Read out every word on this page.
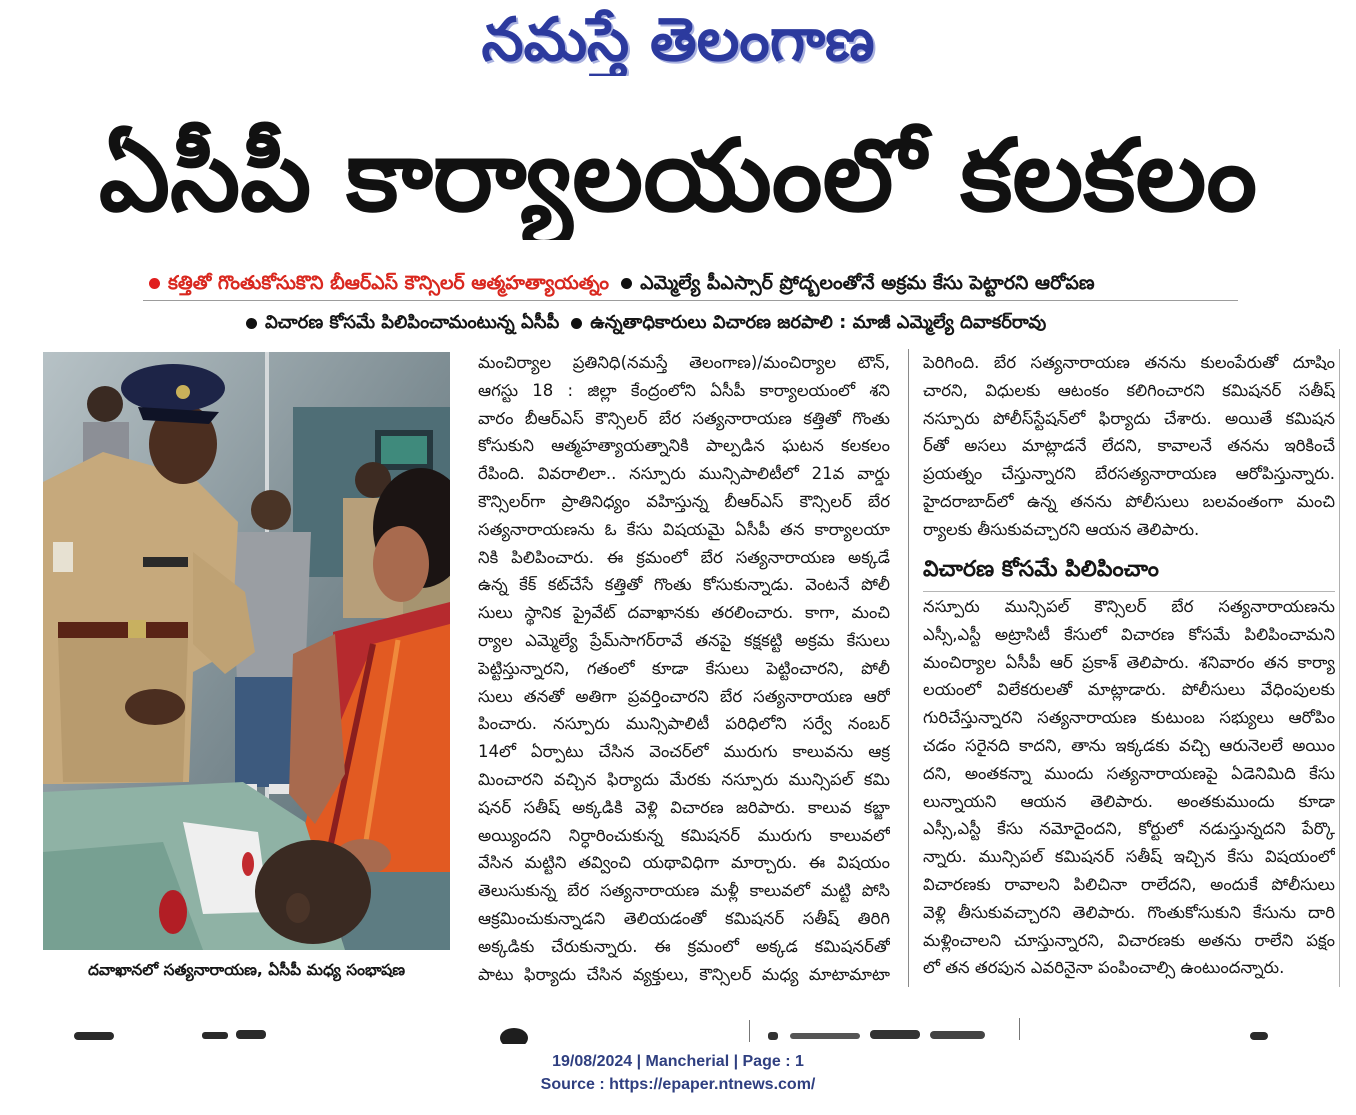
నమస్తే తెలంగాణ
ఏసీపీ కార్యాలయంలో కలకలం
కత్తితో గొంతుకోసుకొని బీఆర్ఎస్ కౌన్సిలర్ ఆత్మహత్యాయత్నం ఎమ్మెల్యే పీఎస్సార్ ప్రోద్బలంతోనే అక్రమ కేసు పెట్టారని ఆరోపణ
విచారణ కోసమే పిలిపించామంటున్న ఏసీపీ ఉన్నతాధికారులు విచారణ జరపాలి : మాజీ ఎమ్మెల్యే దివాకర్‌రావు
దవాఖానలో సత్యనారాయణ, ఏసీపీ మధ్య సంభాషణ
మంచిర్యాల ప్రతినిధి(నమస్తే తెలంగాణ)/మంచిర్యాల టౌన్,
ఆగస్టు 18 : జిల్లా కేంద్రంలోని ఏసీపీ కార్యాలయంలో శని
వారం బీఆర్ఎస్ కౌన్సిలర్ బేర సత్యనారాయణ కత్తితో గొంతు
కోసుకుని ఆత్మహత్యాయత్నానికి పాల్పడిన ఘటన కలకలం
రేపింది. వివరాలిలా.. నస్పూరు మున్సిపాలిటీలో 21వ వార్డు
కౌన్సిలర్‌గా ప్రాతినిధ్యం వహిస్తున్న బీఆర్ఎస్ కౌన్సిలర్ బేర
సత్యనారాయణను ఓ కేసు విషయమై ఏసీపీ తన కార్యాలయా
నికి పిలిపించారు. ఈ క్రమంలో బేర సత్యనారాయణ అక్కడే
ఉన్న కేక్ కట్‌చేసే కత్తితో గొంతు కోసుకున్నాడు. వెంటనే పోలీ
సులు స్థానిక ప్రైవేట్ దవాఖానకు తరలించారు. కాగా, మంచి
ర్యాల ఎమ్మెల్యే ప్రేమ్‌సాగర్‌రావే తనపై కక్షకట్టి అక్రమ కేసులు
పెట్టిస్తున్నారని, గతంలో కూడా కేసులు పెట్టించారని, పోలీ
సులు తనతో అతిగా ప్రవర్తించారని బేర సత్యనారాయణ ఆరో
పించారు. నస్పూరు మున్సిపాలిటీ పరిధిలోని సర్వే నంబర్
14లో ఏర్పాటు చేసిన వెంచర్‌లో మురుగు కాలువను ఆక్ర
మించారని వచ్చిన ఫిర్యాదు మేరకు నస్పూరు మున్సిపల్ కమి
షనర్ సతీష్ అక్కడికి వెళ్లి విచారణ జరిపారు. కాలువ కబ్జా
అయ్యిందని నిర్ధారించుకున్న కమిషనర్ మురుగు కాలువలో
వేసిన మట్టిని తవ్వించి యథావిధిగా మార్చారు. ఈ విషయం
తెలుసుకున్న బేర సత్యనారాయణ మళ్లీ కాలువలో మట్టి పోసి
ఆక్రమించుకున్నాడని తెలియడంతో కమిషనర్ సతీష్ తిరిగి
అక్కడికు చేరుకున్నారు. ఈ క్రమంలో అక్కడ కమిషనర్‌తో
పాటు ఫిర్యాదు చేసిన వ్యక్తులు, కౌన్సిలర్ మధ్య మాటామాటా
పెరిగింది. బేర సత్యనారాయణ తనను కులంపేరుతో దూషిం
చారని, విధులకు ఆటంకం కలిగించారని కమిషనర్ సతీష్
నస్పూరు పోలీస్‌స్టేషన్‌లో ఫిర్యాదు చేశారు. అయితే కమిషన
ర్‌తో అసలు మాట్లాడనే లేదని, కావాలనే తనను ఇరికించే
ప్రయత్నం చేస్తున్నారని బేరసత్యనారాయణ ఆరోపిస్తున్నారు.
హైదరాబాద్‌లో ఉన్న తనను పోలీసులు బలవంతంగా మంచి
ర్యాలకు తీసుకువచ్చారని ఆయన తెలిపారు.
విచారణ కోసమే పిలిపించాం
నస్పూరు మున్సిపల్ కౌన్సిలర్ బేర సత్యనారాయణను
ఎస్సీ,ఎస్టీ అట్రాసిటీ కేసులో విచారణ కోసమే పిలిపించామని
మంచిర్యాల ఏసీపీ ఆర్ ప్రకాశ్ తెలిపారు. శనివారం తన కార్యా
లయంలో విలేకరులతో మాట్లాడారు. పోలీసులు వేధింపులకు
గురిచేస్తున్నారని సత్యనారాయణ కుటుంబ సభ్యులు ఆరోపిం
చడం సరైనది కాదని, తాను ఇక్కడకు వచ్చి ఆరునెలలే అయిం
దని, అంతకన్నా ముందు సత్యనారాయణపై ఏడెనిమిది కేసు
లున్నాయని ఆయన తెలిపారు. అంతకుముందు కూడా
ఎస్సీ,ఎస్టీ కేసు నమోదైందని, కోర్టులో నడుస్తున్నదని పేర్కొ
న్నారు. మున్సిపల్ కమిషనర్ సతీష్ ఇచ్చిన కేసు విషయంలో
విచారణకు రావాలని పిలిచినా రాలేదని, అందుకే పోలీసులు
వెళ్లి తీసుకువచ్చారని తెలిపారు. గొంతుకోసుకుని కేసును దారి
మళ్లించాలని చూస్తున్నారని, విచారణకు అతను రాలేని పక్షం
లో తన తరపున ఎవరినైనా పంపించాల్సి ఉంటుందన్నారు.
19/08/2024 | Mancherial | Page : 1
Source : https://epaper.ntnews.com/
